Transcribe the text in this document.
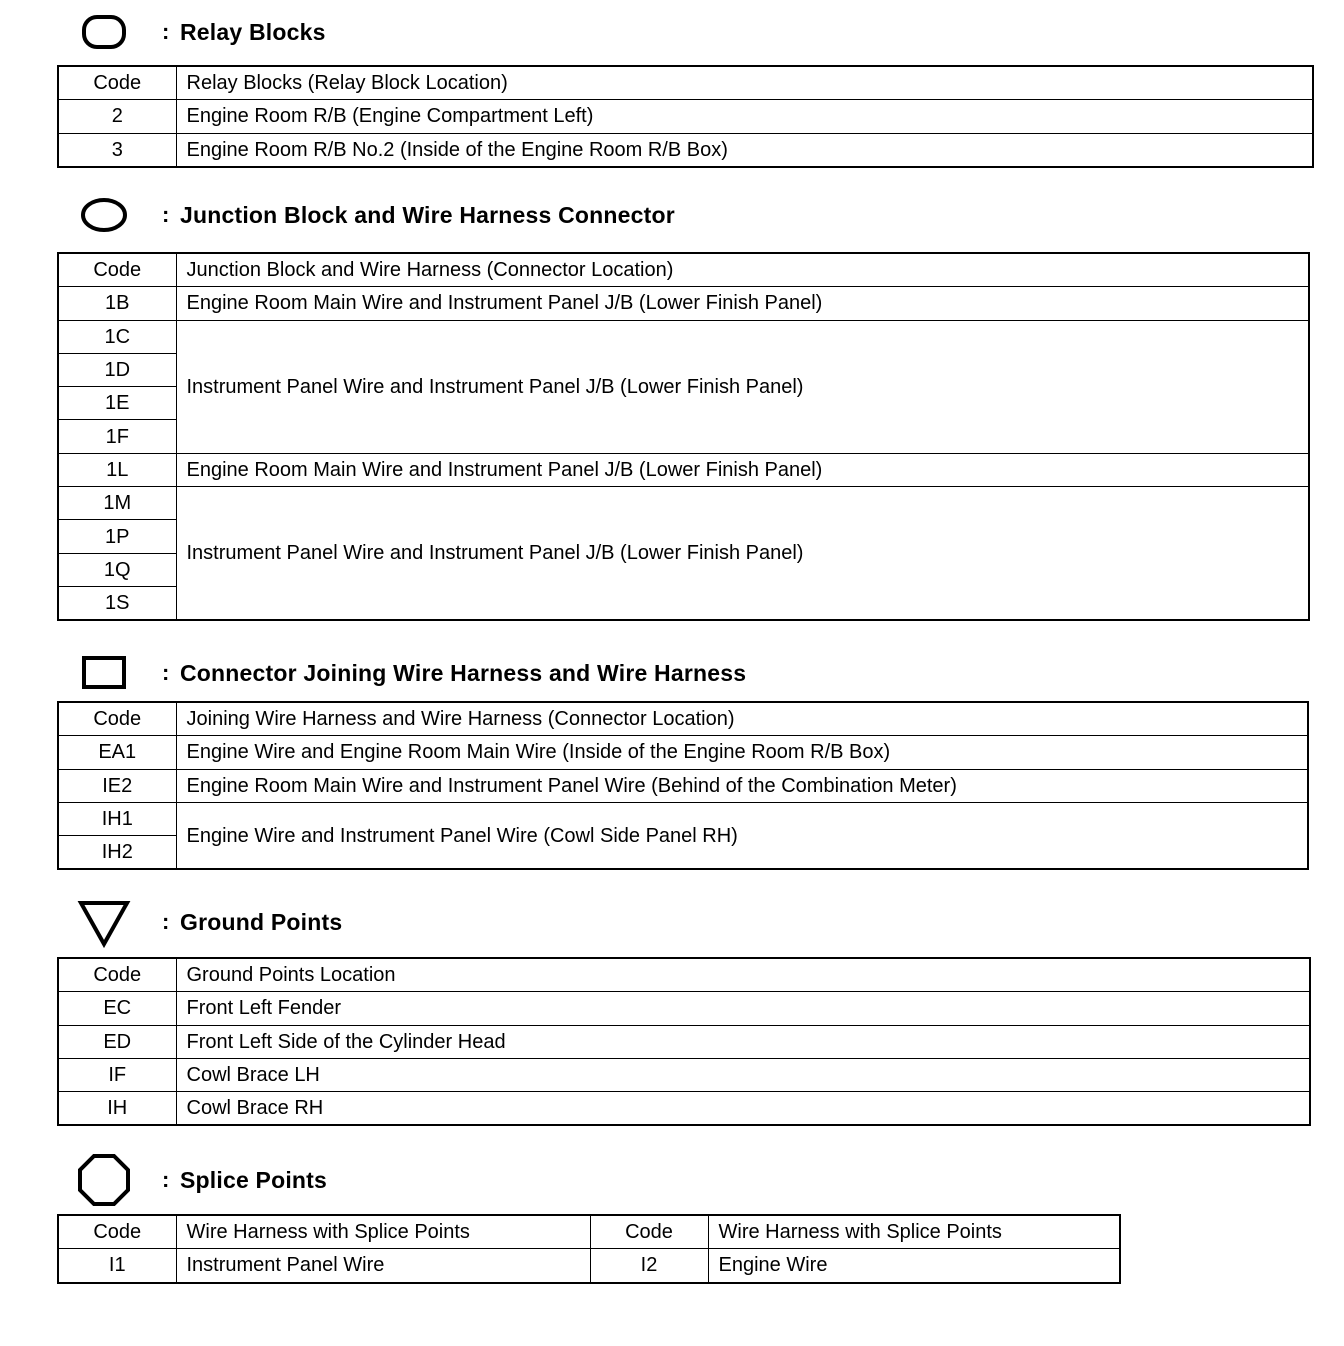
: Relay Blocks
Code	Relay Blocks (Relay Block Location)
2	Engine Room R/B (Engine Compartment Left)
3	Engine Room R/B No.2 (Inside of the Engine Room R/B Box)
: Junction Block and Wire Harness Connector
Code	Junction Block and Wire Harness (Connector Location)
1B	Engine Room Main Wire and Instrument Panel J/B (Lower Finish Panel)
1C	Instrument Panel Wire and Instrument Panel J/B (Lower Finish Panel)
1D	
1E	
1F	
1L	Engine Room Main Wire and Instrument Panel J/B (Lower Finish Panel)
1M	Instrument Panel Wire and Instrument Panel J/B (Lower Finish Panel)
1P	
1Q	
1S	
: Connector Joining Wire Harness and Wire Harness
Code	Joining Wire Harness and Wire Harness (Connector Location)
EA1	Engine Wire and Engine Room Main Wire (Inside of the Engine Room R/B Box)
IE2	Engine Room Main Wire and Instrument Panel Wire (Behind of the Combination Meter)
IH1	Engine Wire and Instrument Panel Wire (Cowl Side Panel RH)
IH2	
: Ground Points
Code	Ground Points Location
EC	Front Left Fender
ED	Front Left Side of the Cylinder Head
IF	Cowl Brace LH
IH	Cowl Brace RH
: Splice Points
Code	Wire Harness with Splice Points	Code	Wire Harness with Splice Points
I1	Instrument Panel Wire	I2	Engine Wire
